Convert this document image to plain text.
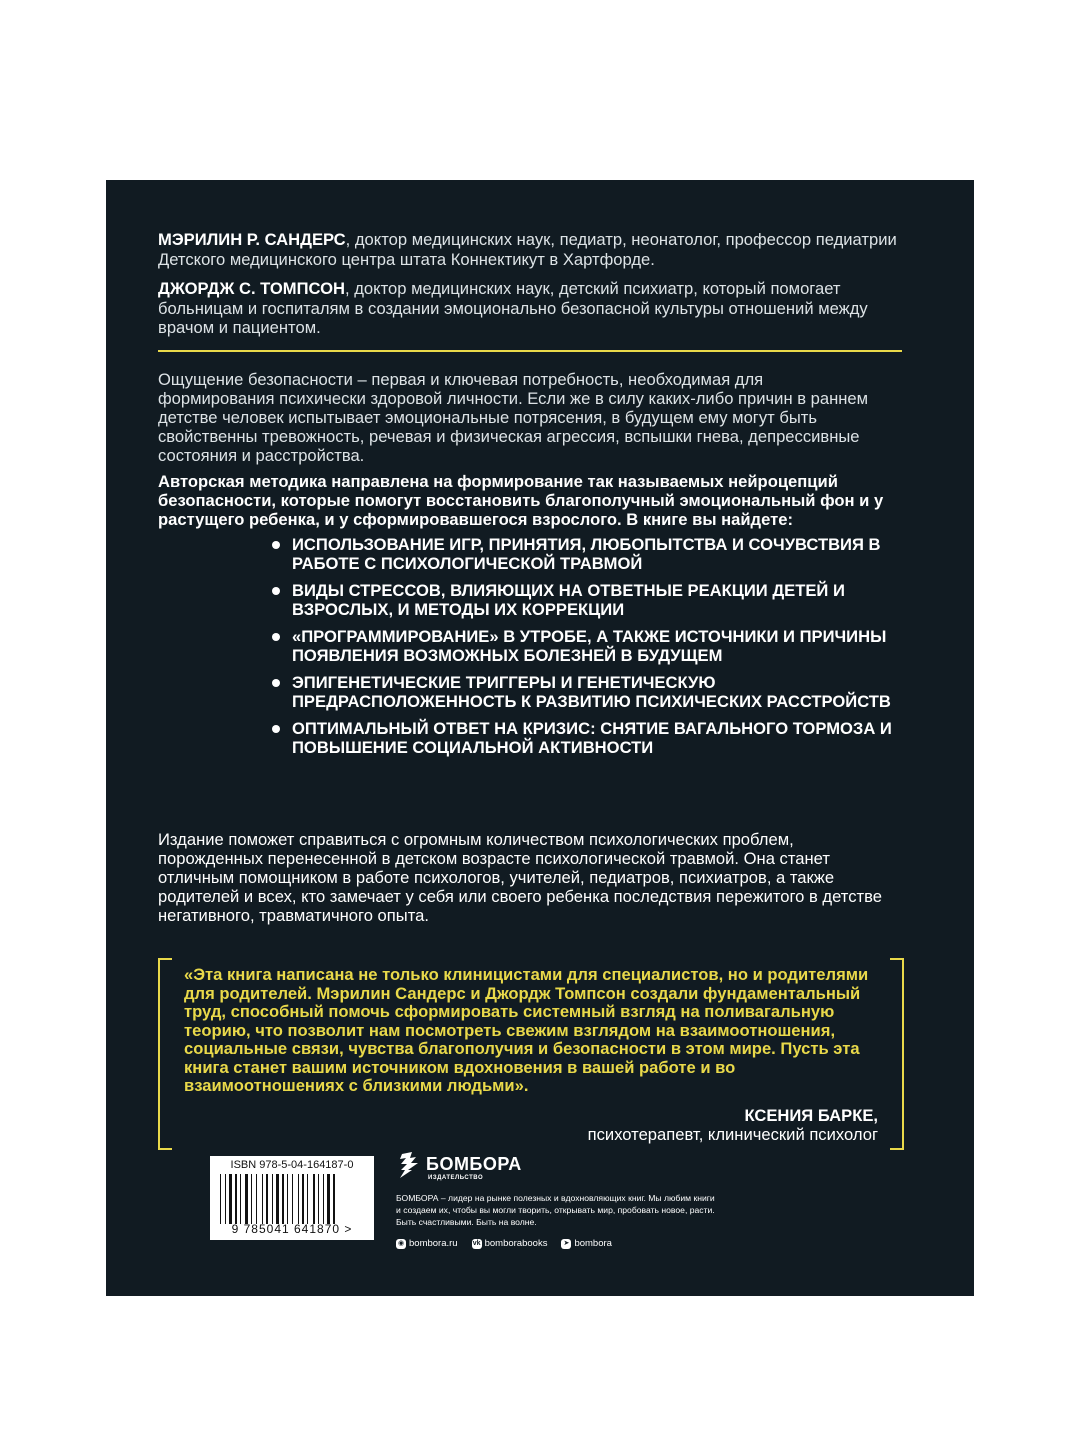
МЭРИЛИН Р. САНДЕРС, доктор медицинских наук, педиатр, неонатолог, профессор педиатрии Детского медицинского центра штата Коннектикут в Хартфорде.

ДЖОРДЖ С. ТОМПСОН, доктор медицинских наук, детский психиатр, который помогает больницам и госпиталям в создании эмоционально безопасной культуры отношений между врачом и пациентом.

Ощущение безопасности – первая и ключевая потребность, необходимая для формирования психически здоровой личности. Если же в силу каких-либо причин в раннем детстве человек испытывает эмоциональные потрясения, в будущем ему могут быть свойственны тревожность, речевая и физическая агрессия, вспышки гнева, депрессивные состояния и расстройства.

Авторская методика направлена на формирование так называемых нейроцепций безопасности, которые помогут восстановить благополучный эмоциональный фон и у растущего ребенка, и у сформировавшегося взрослого. В книге вы найдете:

ИСПОЛЬЗОВАНИЕ ИГР, ПРИНЯТИЯ, ЛЮБОПЫТСТВА И СОЧУВСТВИЯ В РАБОТЕ С ПСИХОЛОГИЧЕСКОЙ ТРАВМОЙ
ВИДЫ СТРЕССОВ, ВЛИЯЮЩИХ НА ОТВЕТНЫЕ РЕАКЦИИ ДЕТЕЙ И ВЗРОСЛЫХ, И МЕТОДЫ ИХ КОРРЕКЦИИ
«ПРОГРАММИРОВАНИЕ» В УТРОБЕ, А ТАКЖЕ ИСТОЧНИКИ И ПРИЧИНЫ ПОЯВЛЕНИЯ ВОЗМОЖНЫХ БОЛЕЗНЕЙ В БУДУЩЕМ
ЭПИГЕНЕТИЧЕСКИЕ ТРИГГЕРЫ И ГЕНЕТИЧЕСКУЮ ПРЕДРАСПОЛОЖЕННОСТЬ К РАЗВИТИЮ ПСИХИЧЕСКИХ РАССТРОЙСТВ
ОПТИМАЛЬНЫЙ ОТВЕТ НА КРИЗИС: СНЯТИЕ ВАГАЛЬНОГО ТОРМОЗА И ПОВЫШЕНИЕ СОЦИАЛЬНОЙ АКТИВНОСТИ

Издание поможет справиться с огромным количеством психологических проблем, порожденных перенесенной в детском возрасте психологической травмой. Она станет отличным помощником в работе психологов, учителей, педиатров, психиатров, а также родителей и всех, кто замечает у себя или своего ребенка последствия пережитого в детстве негативного, травматичного опыта.

«Эта книга написана не только клиницистами для специалистов, но и родителями для родителей. Мэрилин Сандерс и Джордж Томпсон создали фундаментальный труд, способный помочь сформировать системный взгляд на поливагальную теорию, что позволит нам посмотреть свежим взглядом на взаимоотношения, социальные связи, чувства благополучия и безопасности в этом мире. Пусть эта книга станет вашим источником вдохновения в вашей работе и во взаимоотношениях с близкими людьми».

КСЕНИЯ БАРКЕ,
психотерапевт, клинический психолог
ISBN 978-5-04-164187-0
9 785041 641870 >
БОМБОРА
ИЗДАТЕЛЬСТВО

БОМБОРА – лидер на рынке полезных и вдохновляющих книг. Мы любим книги и создаем их, чтобы вы могли творить, открывать мир, пробовать новое, расти. Быть счастливыми. Быть на волне.

◉ bombora.ru vk bomborabooks ➤ bombora
